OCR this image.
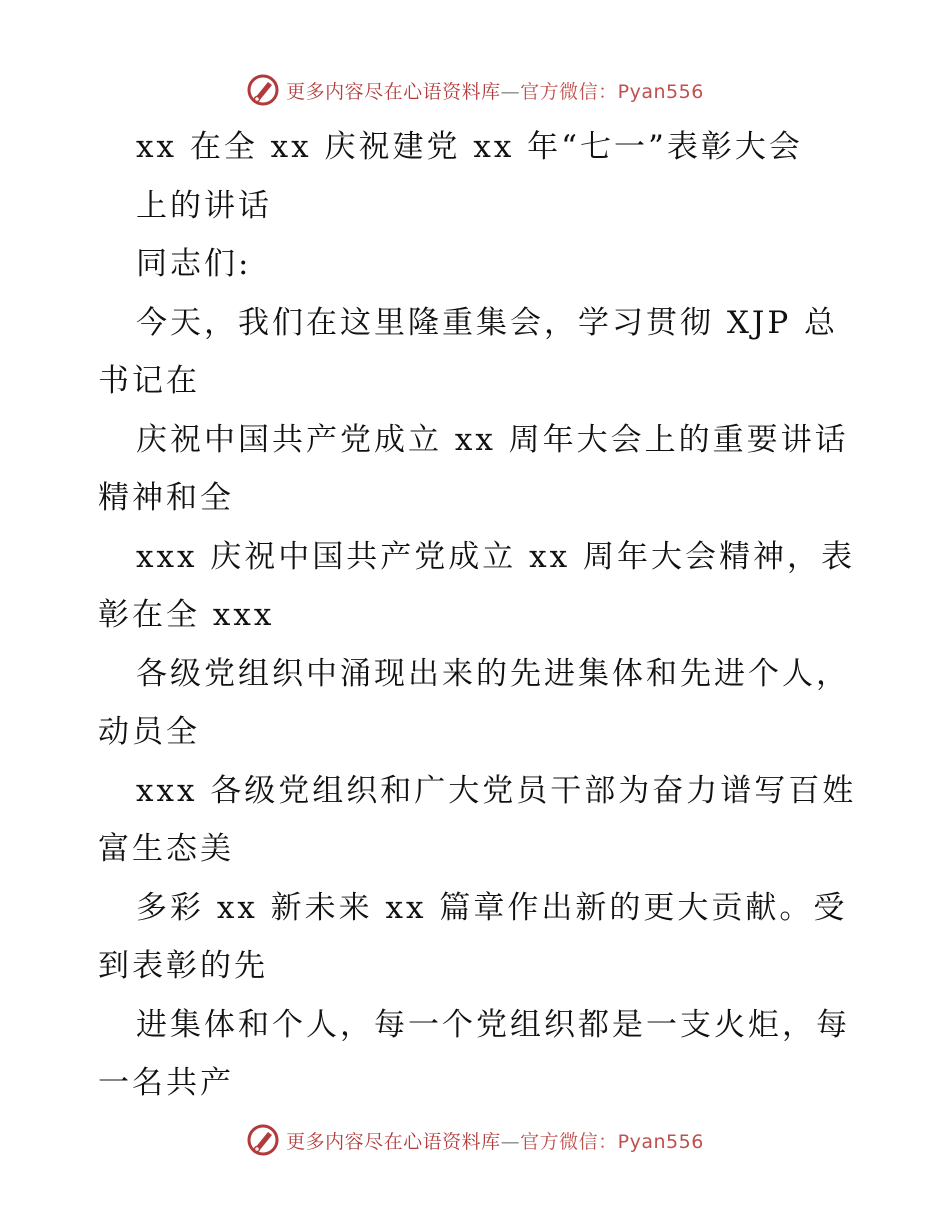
更多内容尽在心语资料库—官方微信：Pyan556

xx 在全 xx 庆祝建党 xx 年“七一”表彰大会

上的讲话

同志们:

今天，我们在这里隆重集会，学习贯彻 XJP 总

书记在

庆祝中国共产党成立 xx 周年大会上的重要讲话

精神和全

xxx 庆祝中国共产党成立 xx 周年大会精神，表

彰在全 xxx

各级党组织中涌现出来的先进集体和先进个人，

动员全

xxx 各级党组织和广大党员干部为奋力谱写百姓

富生态美

多彩 xx 新未来 xx 篇章作出新的更大贡献。受

到表彰的先

进集体和个人，每一个党组织都是一支火炬，每

一名共产

更多内容尽在心语资料库—官方微信：Pyan556
